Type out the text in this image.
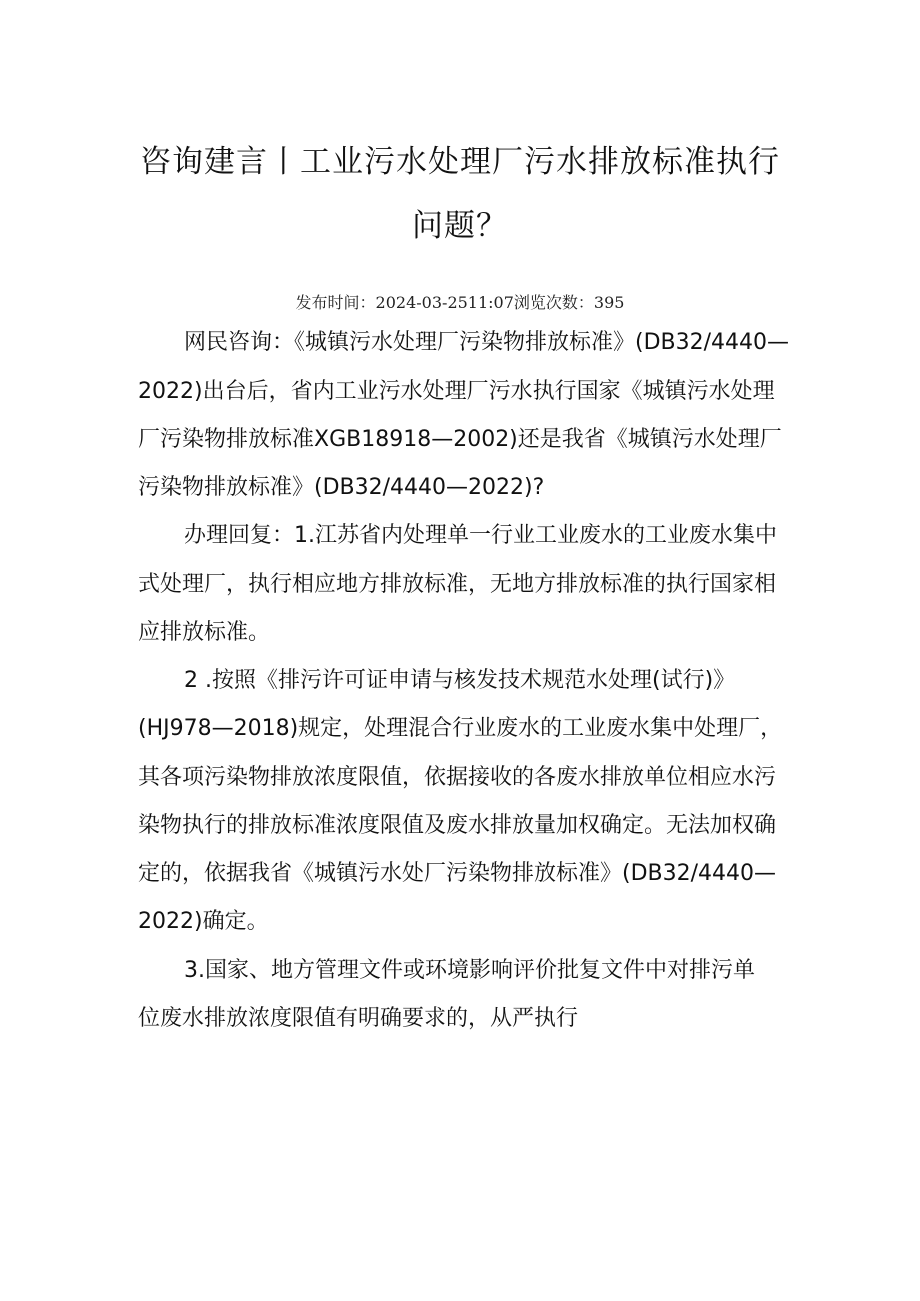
咨询建言丨工业污水处理厂污水排放标准执行
问题？
发布时间：2024-03-2511:07浏览次数：395
网民咨询：《城镇污水处理厂污染物排放标准》(DB32/4440—
2022)出台后，省内工业污水处理厂污水执行国家《城镇污水处理
厂污染物排放标准XGB18918—2002)还是我省《城镇污水处理厂
污染物排放标准》(DB32/4440—2022)?
办理回复：1.江苏省内处理单一行业工业废水的工业废水集中
式处理厂，执行相应地方排放标准，无地方排放标准的执行国家相
应排放标准。
2 .按照《排污许可证申请与核发技术规范水处理(试行)》
(HJ978—2018)规定，处理混合行业废水的工业废水集中处理厂，
其各项污染物排放浓度限值，依据接收的各废水排放单位相应水污
染物执行的排放标准浓度限值及废水排放量加权确定。无法加权确
定的，依据我省《城镇污水处厂污染物排放标准》(DB32/4440—
2022)确定。
3.国家、地方管理文件或环境影响评价批复文件中对排污单
位废水排放浓度限值有明确要求的，从严执行
